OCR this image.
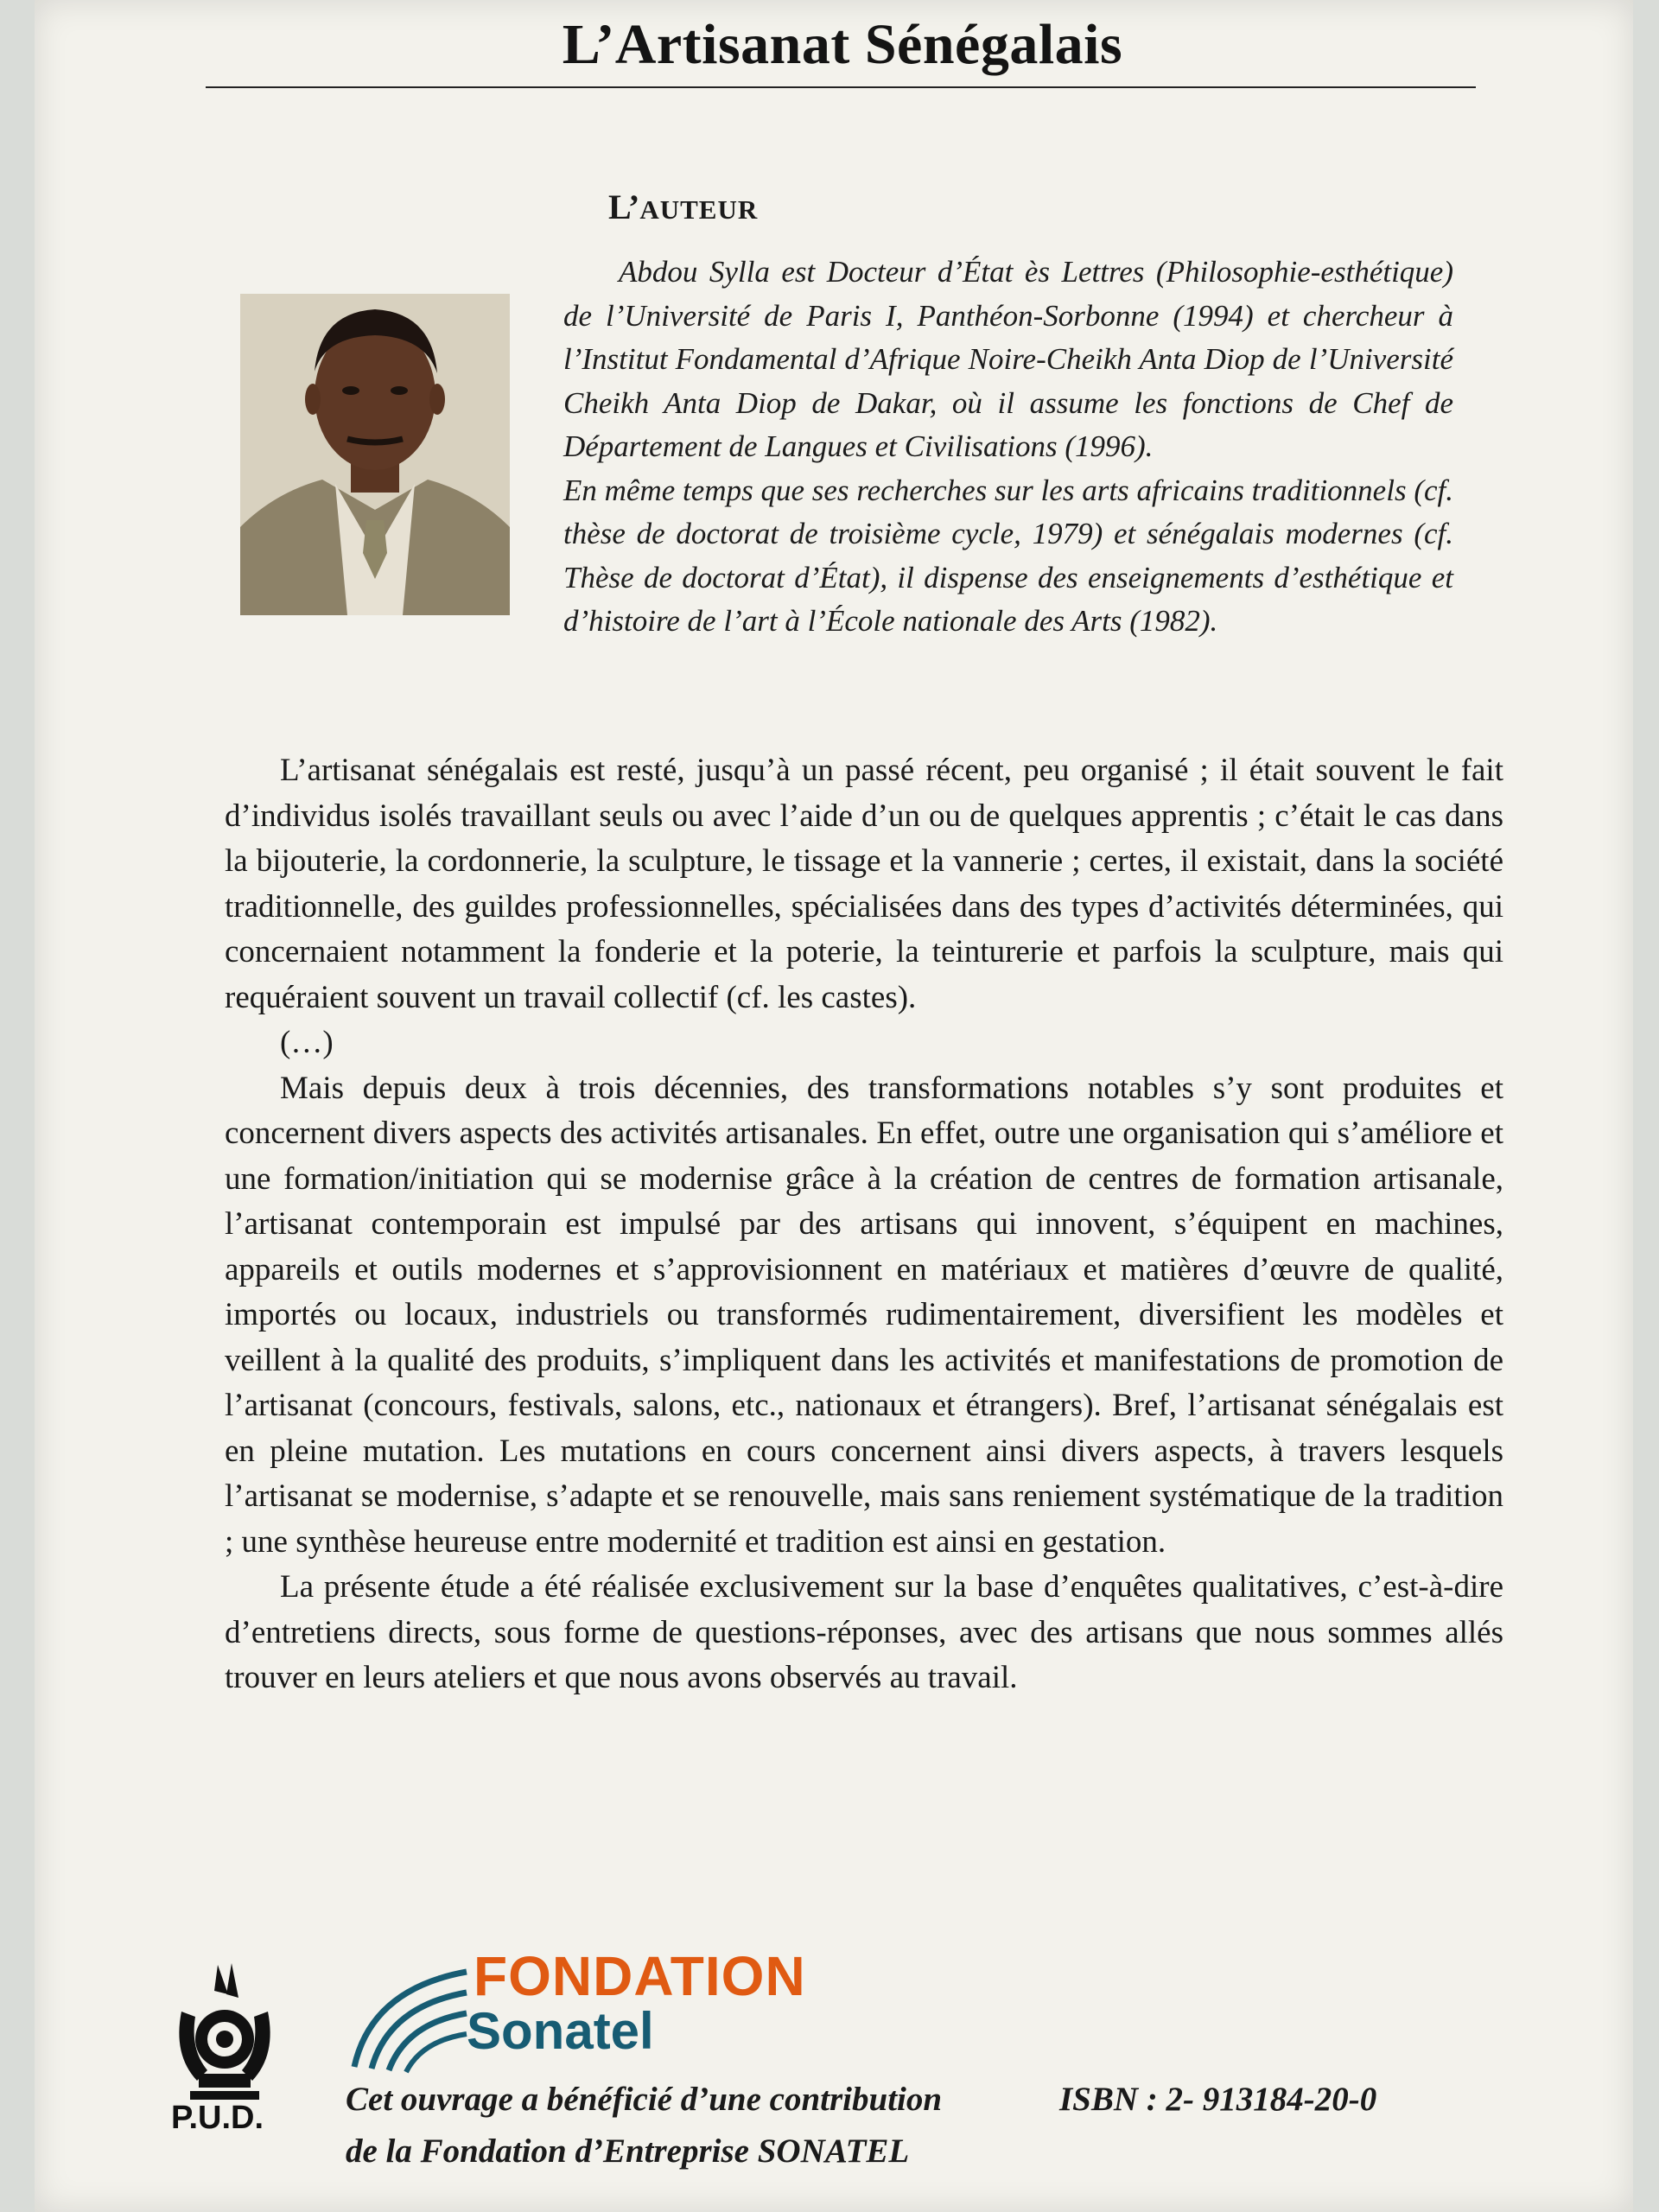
L’Artisanat Sénégalais
L’AUTEUR

Abdou Sylla est Docteur d’État ès Lettres (Philosophie-esthétique) de l’Université de Paris I, Panthéon-Sorbonne (1994) et chercheur à l’Institut Fondamental d’Afrique Noire-Cheikh Anta Diop de l’Université Cheikh Anta Diop de Dakar, où il assume les fonctions de Chef de Département de Langues et Civilisations (1996).

En même temps que ses recherches sur les arts africains traditionnels (cf. thèse de doctorat de troisième cycle, 1979) et sénégalais modernes (cf. Thèse de doctorat d’État), il dispense des enseignements d’esthétique et d’histoire de l’art à l’École nationale des Arts (1982).

L’artisanat sénégalais est resté, jusqu’à un passé récent, peu organisé ; il était souvent le fait d’individus isolés travaillant seuls ou avec l’aide d’un ou de quelques apprentis ; c’était le cas dans la bijouterie, la cordonnerie, la sculpture, le tissage et la vannerie ; certes, il existait, dans la société traditionnelle, des guildes professionnelles, spécialisées dans des types d’activités déterminées, qui concernaient notamment la fonderie et la poterie, la teinturerie et parfois la sculpture, mais qui requéraient souvent un travail collectif (cf. les castes).

(…)

Mais depuis deux à trois décennies, des transformations notables s’y sont produites et concernent divers aspects des activités artisanales. En effet, outre une organisation qui s’améliore et une formation/initiation qui se modernise grâce à la création de centres de formation artisanale, l’artisanat contemporain est impulsé par des artisans qui innovent, s’équipent en machines, appareils et outils modernes et s’approvisionnent en matériaux et matières d’œuvre de qualité, importés ou locaux, industriels ou transformés rudimentairement, diversifient les modèles et veillent à la qualité des produits, s’impliquent dans les activités et manifestations de promotion de l’artisanat (concours, festivals, salons, etc., nationaux et étrangers). Bref, l’artisanat sénégalais est en pleine mutation. Les mutations en cours concernent ainsi divers aspects, à travers lesquels l’artisanat se modernise, s’adapte et se renouvelle, mais sans reniement systématique de la tradition ; une synthèse heureuse entre modernité et tradition est ainsi en gestation.

La présente étude a été réalisée exclusivement sur la base d’enquêtes qualitatives, c’est-à-dire d’entretiens directs, sous forme de questions-réponses, avec des artisans que nous sommes allés trouver en leurs ateliers et que nous avons observés au travail.

P.U.D.

FONDATION

Sonatel

Cet ouvrage a bénéficié d’une contribution
de la Fondation d’Entreprise SONATEL

ISBN : 2- 913184-20-0
